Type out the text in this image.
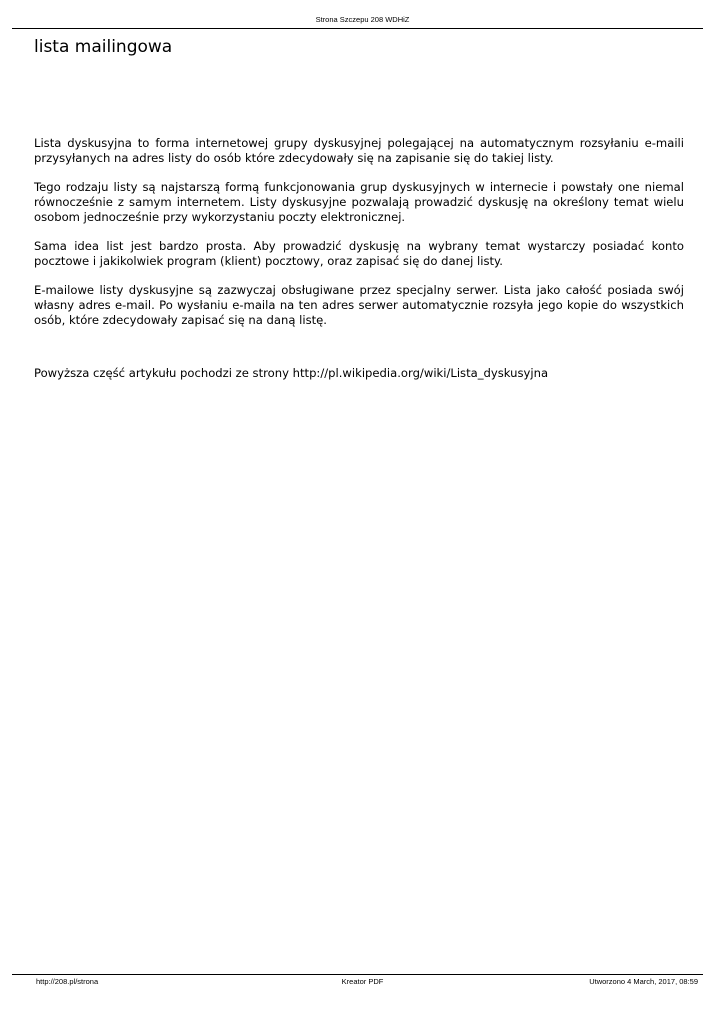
Strona Szczepu 208 WDHiZ
lista mailingowa

Lista dyskusyjna to forma internetowej grupy dyskusyjnej polegającej na automatycznym rozsyłaniu e-maili przysyłanych na adres listy do osób które zdecydowały się na zapisanie się do takiej listy.

Tego rodzaju listy są najstarszą formą funkcjonowania grup dyskusyjnych w internecie i powstały one niemal równocześnie z samym internetem. Listy dyskusyjne pozwalają prowadzić dyskusję na określony temat wielu osobom jednocześnie przy wykorzystaniu poczty elektronicznej.

Sama idea list jest bardzo prosta. Aby prowadzić dyskusję na wybrany temat wystarczy posiadać konto pocztowe i jakikolwiek program (klient) pocztowy, oraz zapisać się do danej listy.

E-mailowe listy dyskusyjne są zazwyczaj obsługiwane przez specjalny serwer. Lista jako całość posiada swój własny adres e-mail. Po wysłaniu e-maila na ten adres serwer automatycznie rozsyła jego kopie do wszystkich osób, które zdecydowały zapisać się na daną listę.

Powyższa część artykułu pochodzi ze strony http://pl.wikipedia.org/wiki/Lista_dyskusyjna

Kreator PDF
http://208.pl/strona	Utworzono 4 March, 2017, 08:59
